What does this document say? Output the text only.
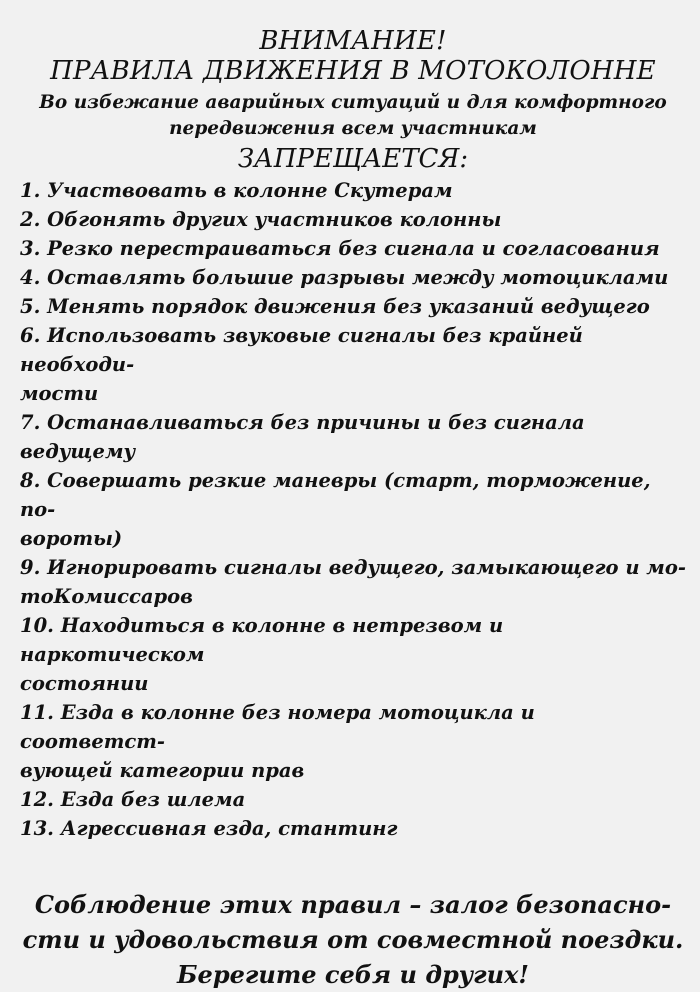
ВНИМАНИЕ!
ПРАВИЛА ДВИЖЕНИЯ В МОТОКОЛОННЕ
Во избежание аварийных ситуаций и для комфортного
передвижения всем участникам
ЗАПРЕЩАЕТСЯ:
1. Участвовать в колонне Скутерам
2. Обгонять других участников колонны
3. Резко перестраиваться без сигнала и согласования
4. Оставлять большие разрывы между мотоциклами
5. Менять порядок движения без указаний ведущего
6. Использовать звуковые сигналы без крайней необходи-
мости
7. Останавливаться без причины и без сигнала ведущему
8. Совершать резкие маневры (старт, торможение, по-
вороты)
9. Игнорировать сигналы ведущего, замыкающего и мо-
тоКомиссаров
10. Находиться в колонне в нетрезвом и наркотическом
состоянии
11. Езда в колонне без номера мотоцикла и соответст-
вующей категории прав
12. Езда без шлема
13. Агрессивная езда, стантинг

Соблюдение этих правил – залог безопасно-

сти и удовольствия от совместной поездки.

Берегите себя и других!
